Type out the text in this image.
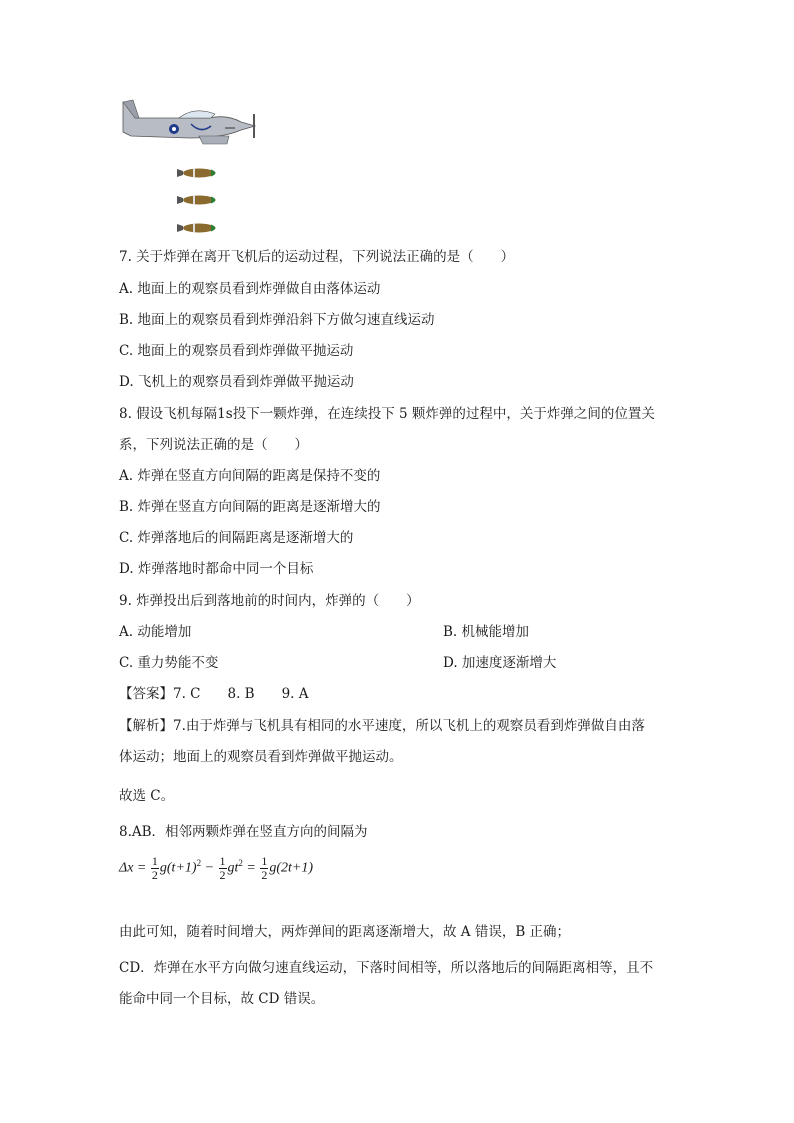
7. 关于炸弹在离开飞机后的运动过程，下列说法正确的是（　　）
A. 地面上的观察员看到炸弹做自由落体运动
B. 地面上的观察员看到炸弹沿斜下方做匀速直线运动
C. 地面上的观察员看到炸弹做平抛运动
D. 飞机上的观察员看到炸弹做平抛运动
8. 假设飞机每隔1s投下一颗炸弹，在连续投下 5 颗炸弹的过程中，关于炸弹之间的位置关
系，下列说法正确的是（　　）
A. 炸弹在竖直方向间隔的距离是保持不变的
B. 炸弹在竖直方向间隔的距离是逐渐增大的
C. 炸弹落地后的间隔距离是逐渐增大的
D. 炸弹落地时都命中同一个目标
9. 炸弹投出后到落地前的时间内，炸弹的（　　）
A. 动能增加	B. 机械能增加
C. 重力势能不变	D. 加速度逐渐增大
【答案】7. C　　8. B　　9. A
【解析】7.由于炸弹与飞机具有相同的水平速度，所以飞机上的观察员看到炸弹做自由落
体运动；地面上的观察员看到炸弹做平抛运动。
故选 C。
8.AB．相邻两颗炸弹在竖直方向的间隔为
$\Delta x = \frac{1}{2} g(t+1)^2 - \frac{1}{2} gt^2 = \frac{1}{2} g(2t+1)$
由此可知，随着时间增大，两炸弹间的距离逐渐增大，故 A 错误，B 正确；
CD．炸弹在水平方向做匀速直线运动，下落时间相等，所以落地后的间隔距离相等，且不
能命中同一个目标，故 CD 错误。
